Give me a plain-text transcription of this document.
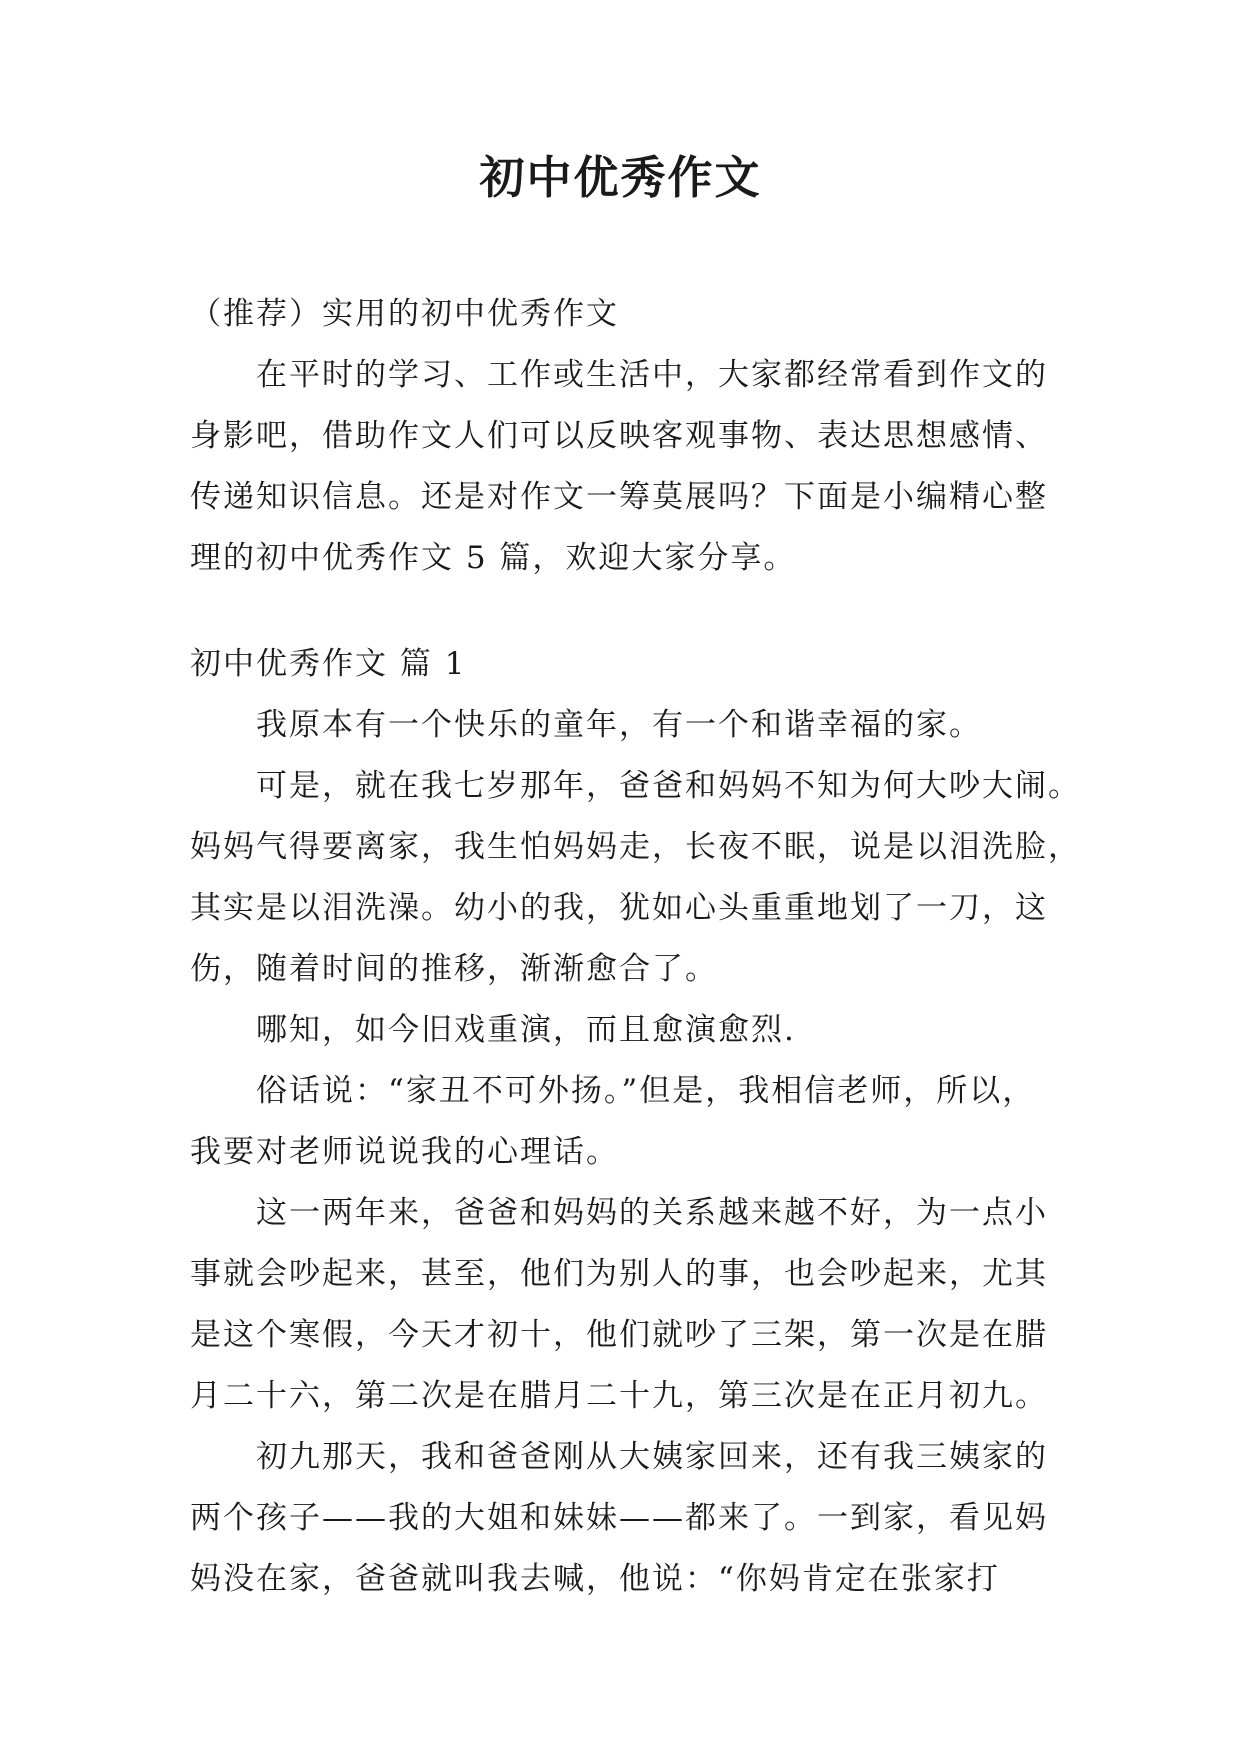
初中优秀作文
（推荐）实用的初中优秀作文
在平时的学习、工作或生活中，大家都经常看到作文的
身影吧，借助作文人们可以反映客观事物、表达思想感情、
传递知识信息。还是对作文一筹莫展吗？下面是小编精心整
理的初中优秀作文 5 篇，欢迎大家分享。
初中优秀作文 篇 1
我原本有一个快乐的童年，有一个和谐幸福的家。
可是，就在我七岁那年，爸爸和妈妈不知为何大吵大闹。
妈妈气得要离家，我生怕妈妈走，长夜不眠，说是以泪洗脸，
其实是以泪洗澡。幼小的我，犹如心头重重地划了一刀，这
伤，随着时间的推移，渐渐愈合了。
哪知，如今旧戏重演，而且愈演愈烈.
俗话说：“家丑不可外扬。”但是，我相信老师，所以，
我要对老师说说我的心理话。
这一两年来，爸爸和妈妈的关系越来越不好，为一点小
事就会吵起来，甚至，他们为别人的事，也会吵起来，尤其
是这个寒假，今天才初十，他们就吵了三架，第一次是在腊
月二十六，第二次是在腊月二十九，第三次是在正月初九。
初九那天，我和爸爸刚从大姨家回来，还有我三姨家的
两个孩子——我的大姐和妹妹——都来了。一到家，看见妈
妈没在家，爸爸就叫我去喊，他说：“你妈肯定在张家打
